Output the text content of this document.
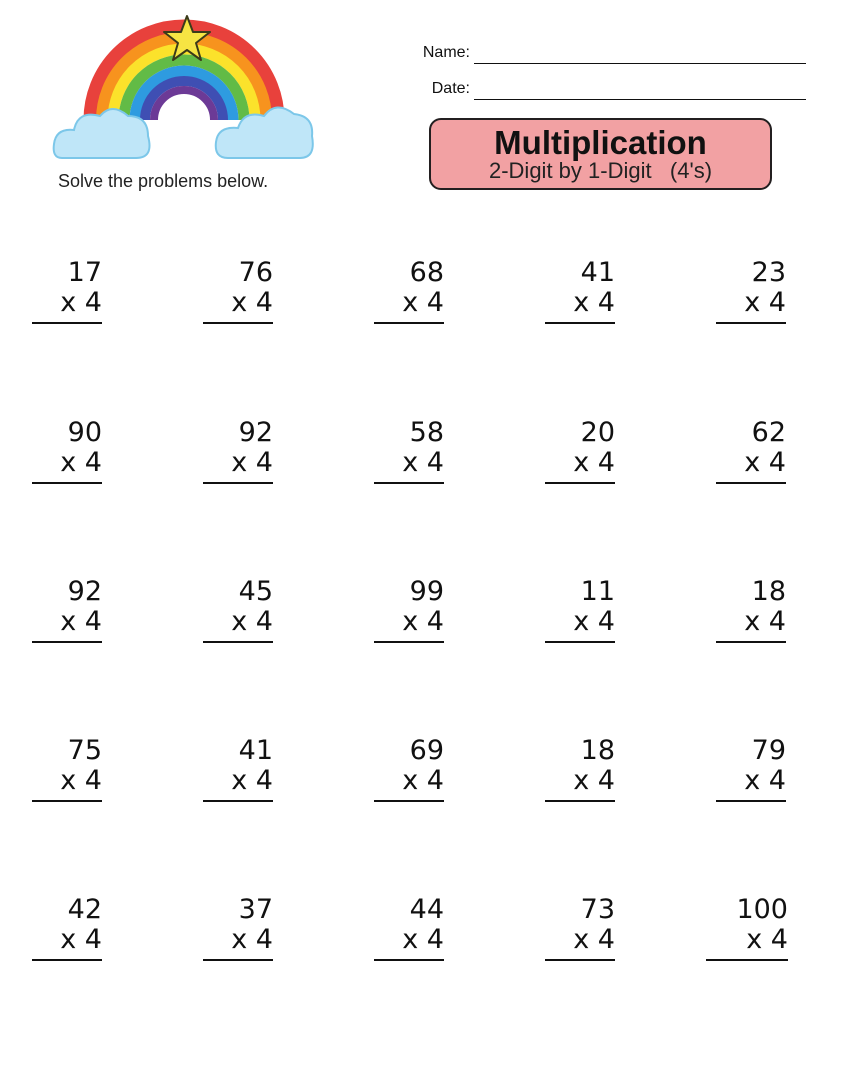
Solve the problems below.
Name:
Date:
Multiplication
2-Digit by 1-Digit   (4's)
17
x 4
76
x 4
68
x 4
41
x 4
23
x 4
90
x 4
92
x 4
58
x 4
20
x 4
62
x 4
92
x 4
45
x 4
99
x 4
11
x 4
18
x 4
75
x 4
41
x 4
69
x 4
18
x 4
79
x 4
42
x 4
37
x 4
44
x 4
73
x 4
100
x 4
